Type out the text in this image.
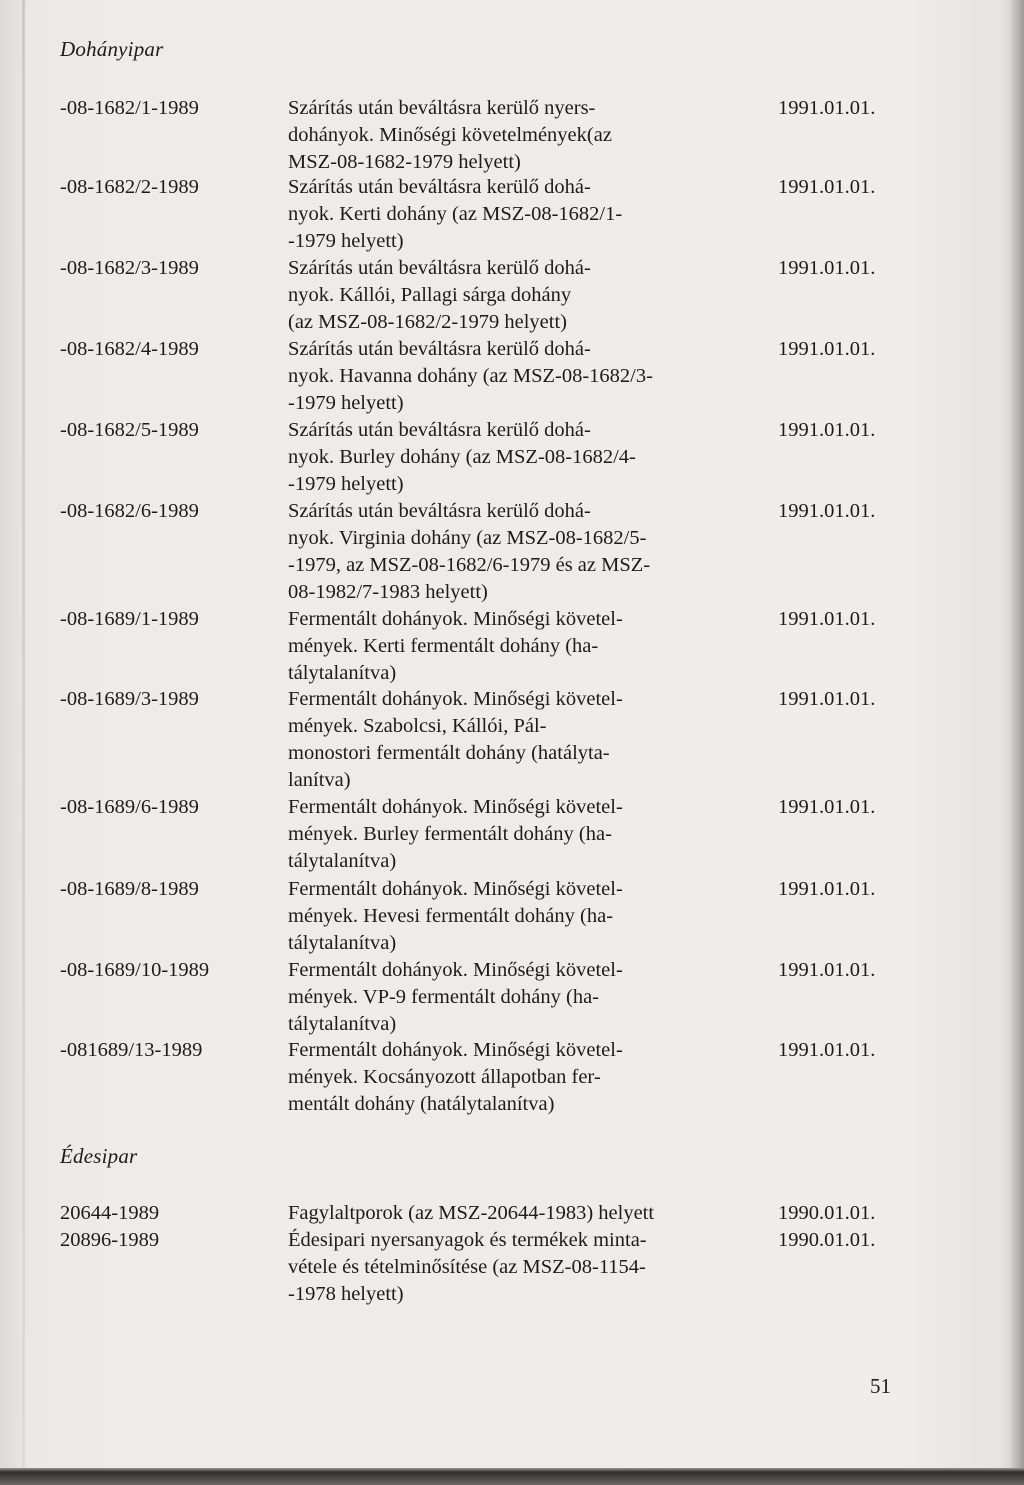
Dohányipar
-08-1682/1-1989	Szárítás után beváltásra kerülő nyers-
dohányok. Minőségi követelmények(az
MSZ-08-1682-1979 helyett)
1991.01.01.
-08-1682/2-1989	Szárítás után beváltásra kerülő dohá-
nyok. Kerti dohány (az MSZ-08-1682/1-
-1979 helyett)
1991.01.01.
-08-1682/3-1989	Szárítás után beváltásra kerülő dohá-
nyok. Kállói, Pallagi sárga dohány
(az MSZ-08-1682/2-1979 helyett)
1991.01.01.
-08-1682/4-1989	Szárítás után beváltásra kerülő dohá-
nyok. Havanna dohány (az MSZ-08-1682/3-
-1979 helyett)
1991.01.01.
-08-1682/5-1989	Szárítás után beváltásra kerülő dohá-
nyok. Burley dohány (az MSZ-08-1682/4-
-1979 helyett)
1991.01.01.
-08-1682/6-1989	Szárítás után beváltásra kerülő dohá-
nyok. Virginia dohány (az MSZ-08-1682/5-
-1979, az MSZ-08-1682/6-1979 és az MSZ-
08-1982/7-1983 helyett)
1991.01.01.
-08-1689/1-1989	Fermentált dohányok. Minőségi követel-
mények. Kerti fermentált dohány (ha-
tálytalanítva)
1991.01.01.
-08-1689/3-1989	Fermentált dohányok. Minőségi követel-
mények. Szabolcsi, Kállói, Pál-
monostori fermentált dohány (hatályta-
lanítva)
1991.01.01.
-08-1689/6-1989	Fermentált dohányok. Minőségi követel-
mények. Burley fermentált dohány (ha-
tálytalanítva)
1991.01.01.
-08-1689/8-1989	Fermentált dohányok. Minőségi követel-
mények. Hevesi fermentált dohány (ha-
tálytalanítva)
1991.01.01.
-08-1689/10-1989	Fermentált dohányok. Minőségi követel-
mények. VP-9 fermentált dohány (ha-
tálytalanítva)
1991.01.01.
-081689/13-1989	Fermentált dohányok. Minőségi követel-
mények. Kocsányozott állapotban fer-
mentált dohány (hatálytalanítva)
1991.01.01.
Édesipar
20644-1989	Fagylaltporok (az MSZ-20644-1983) helyett	1990.01.01.
20896-1989	Édesipari nyersanyagok és termékek minta-
vétele és tételminősítése (az MSZ-08-1154-
-1978 helyett)
1990.01.01.
51
